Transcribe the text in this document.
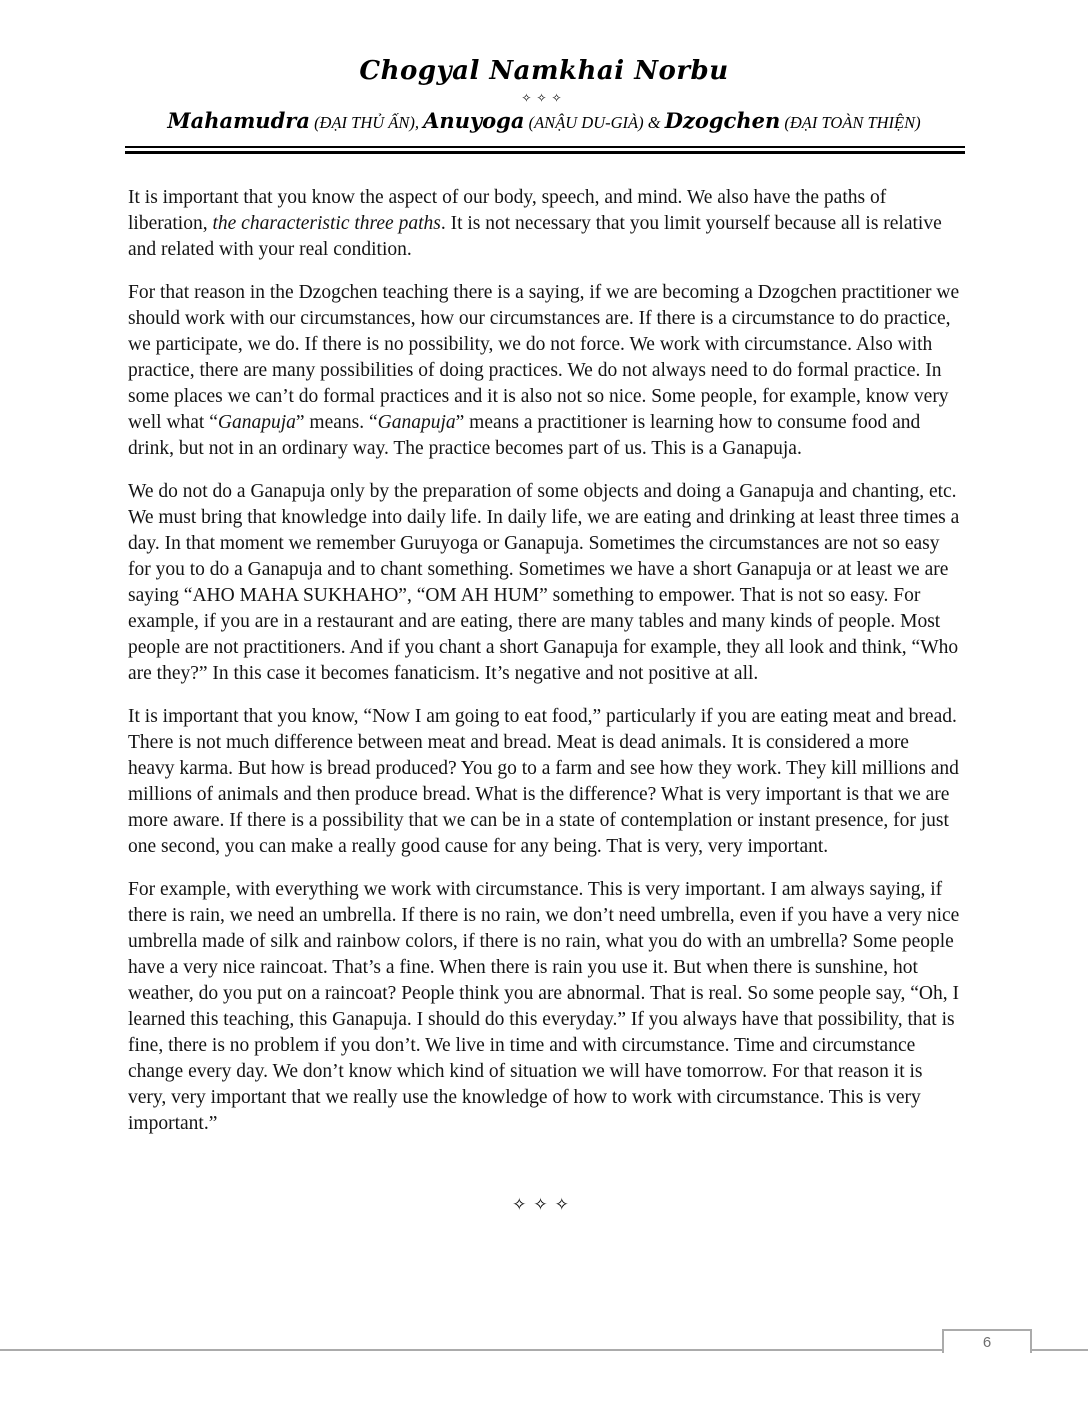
Chogyal Namkhai Norbu
✧✧✧
Mahamudra (ĐẠI THỦ ẤN), Anuyoga (ANẬU DU-GIÀ) & Dzogchen (ĐẠI TOÀN THIỆN)

It is important that you know the aspect of our body, speech, and mind. We also have the paths of liberation, the characteristic three paths. It is not necessary that you limit yourself because all is relative and related with your real condition.

For that reason in the Dzogchen teaching there is a saying, if we are becoming a Dzogchen practitioner we should work with our circumstances, how our circumstances are. If there is a circumstance to do practice, we participate, we do. If there is no possibility, we do not force. We work with circumstance. Also with practice, there are many possibilities of doing practices. We do not always need to do formal practice. In some places we can’t do formal practices and it is also not so nice. Some people, for example, know very well what “Ganapuja” means. “Ganapuja” means a practitioner is learning how to consume food and drink, but not in an ordinary way. The practice becomes part of us. This is a Ganapuja.

We do not do a Ganapuja only by the preparation of some objects and doing a Ganapuja and chanting, etc. We must bring that knowledge into daily life. In daily life, we are eating and drinking at least three times a day. In that moment we remember Guruyoga or Ganapuja. Sometimes the circumstances are not so easy for you to do a Ganapuja and to chant something. Sometimes we have a short Ganapuja or at least we are saying “AHO MAHA SUKHAHO”, “OM AH HUM” something to empower. That is not so easy. For example, if you are in a restaurant and are eating, there are many tables and many kinds of people. Most people are not practitioners. And if you chant a short Ganapuja for example, they all look and think, “Who are they?” In this case it becomes fanaticism. It’s negative and not positive at all.

It is important that you know, “Now I am going to eat food,” particularly if you are eating meat and bread. There is not much difference between meat and bread. Meat is dead animals. It is considered a more heavy karma. But how is bread produced? You go to a farm and see how they work. They kill millions and millions of animals and then produce bread. What is the difference? What is very important is that we are more aware. If there is a possibility that we can be in a state of contemplation or instant presence, for just one second, you can make a really good cause for any being. That is very, very important.

For example, with everything we work with circumstance. This is very important. I am always saying, if there is rain, we need an umbrella. If there is no rain, we don’t need umbrella, even if you have a very nice umbrella made of silk and rainbow colors, if there is no rain, what you do with an umbrella? Some people have a very nice raincoat. That’s a fine. When there is rain you use it. But when there is sunshine, hot weather, do you put on a raincoat? People think you are abnormal. That is real. So some people say, “Oh, I learned this teaching, this Ganapuja. I should do this everyday.” If you always have that possibility, that is fine, there is no problem if you don’t. We live in time and with circumstance. Time and circumstance change every day. We don’t know which kind of situation we will have tomorrow. For that reason it is very, very important that we really use the knowledge of how to work with circumstance. This is very important.”

✧✧✧
6
